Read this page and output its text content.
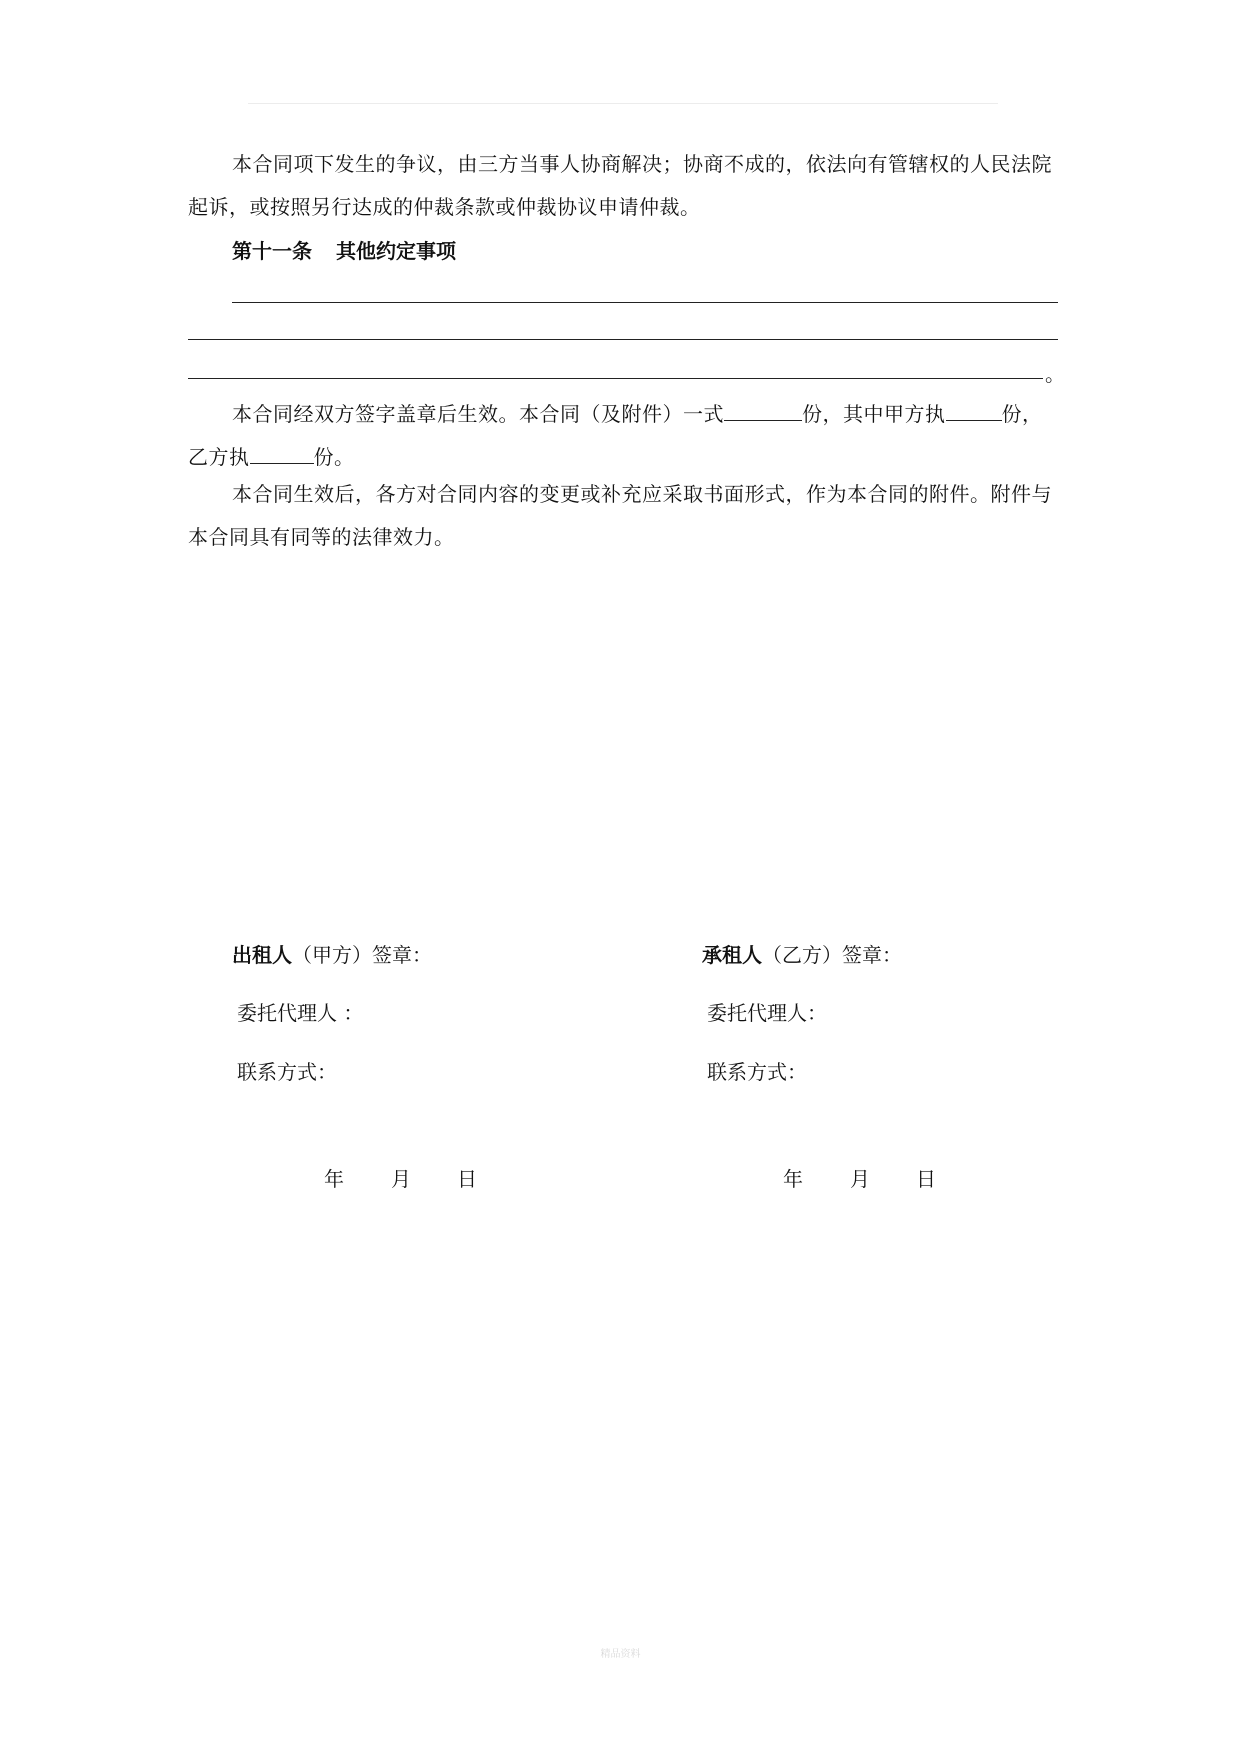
本合同项下发生的争议，由三方当事人协商解决；协商不成的，依法向有管辖权的人民法院起诉，或按照另行达成的仲裁条款或仲裁协议申请仲裁。

第十一条 其他约定事项

。

本合同经双方签字盖章后生效。本合同（及附件）一式	份，其中甲方执	份，乙方执	份。

本合同生效后，各方对合同内容的变更或补充应采取书面形式，作为本合同的附件。附件与本合同具有同等的法律效力。

出租人（甲方）签章：
委托代理人 ：
联系方式：
年 月 日
承租人（乙方）签章：
委托代理人：
联系方式：
年 月 日
精品资料
